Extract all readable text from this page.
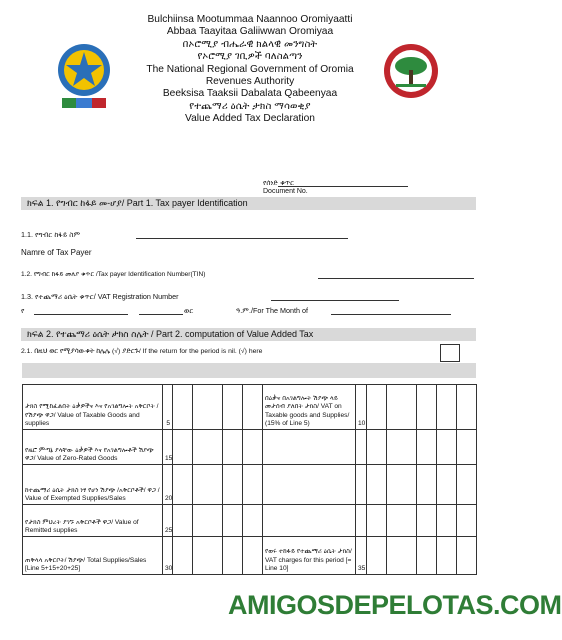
Bulchiinsa Mootummaa Naannoo Oromiyaatti
Abbaa Taayitaa Galiiwwan Oromiyaa
በኦሮሚያ ብሔራዊ ክልላዊ መንግስት
የኦሮሚያ ገቢዎች ባለስልጣን
The National Regional Government of Oromia
Revenues Authority
Beeksisa Taaksii Dabalata Qabeenyaa
የተጨማሪ ዕሴት ታክስ ማሳወቂያ
Value Added Tax Declaration
የሰነድ ቁጥር
Document No.
ክፍል 1. የግብር ከፋይ መ-ሆያ/ Part 1. Tax payer Identification
1.1. የግብር ከፋይ ስም
Namre of Tax Payer
1.2. የግብር ከፋይ መለያ ቁጥር /Tax payer Identification Number(TIN)
1.3. የተጨማሪ ዕሴት ቁጥር/ VAT Registration Number
የ	ወር	ዓ.ም./For The Month of
ክፍል 2. የተጨማሪ ዕሴት ታክስ ስሌት / Part 2. computation of Value Added Tax
2.1. በዚህ ወር የሚያሳውቁት ከሌሌ (√) ያድርጉ/ If the return for the period is nil. (√) here
ታክስ የሚከፈልበት ዕቃዎችና እና የአገልግሎት አቅርቦት /የሽያጭ ዋጋ/ Value of Taxable Goods and supplies	5					በዕቃና በአገልግሎት ሽያጭ ላይ መታሰብ ያለበት ታክስ/ VAT on Taxable goods and Supplies/ (15% of Line 5)	10					
የዜሮ ምጣኔ ያላቸው ዕቃዎች እና የአገልግሎቶች ሽያጭ ዋጋ/ Value of Zero-Rated Goods	15											
ከተጨማሪ ዕሴት ታክስ ነፃ የሆነ ሽያጭ /አቅርቦቶች/ ዋጋ / Value of Exempted Supplies/Sales	20											
የታክስ ምህረት ያገኙ አቅርቦቶች ዋጋ/ Value of Remitted supplies	25											
ጠቅላላ አቅርቦት/ ሽያጭ/ Total Supplies/Sales [Line 5+15+20+25]	30					የወሩ ተከፋይ የተጨማሪ ዕሴት ታክስ/ VAT charges for this period [= Line 10]	35					
AMIGOSDEPELOTAS.COM
